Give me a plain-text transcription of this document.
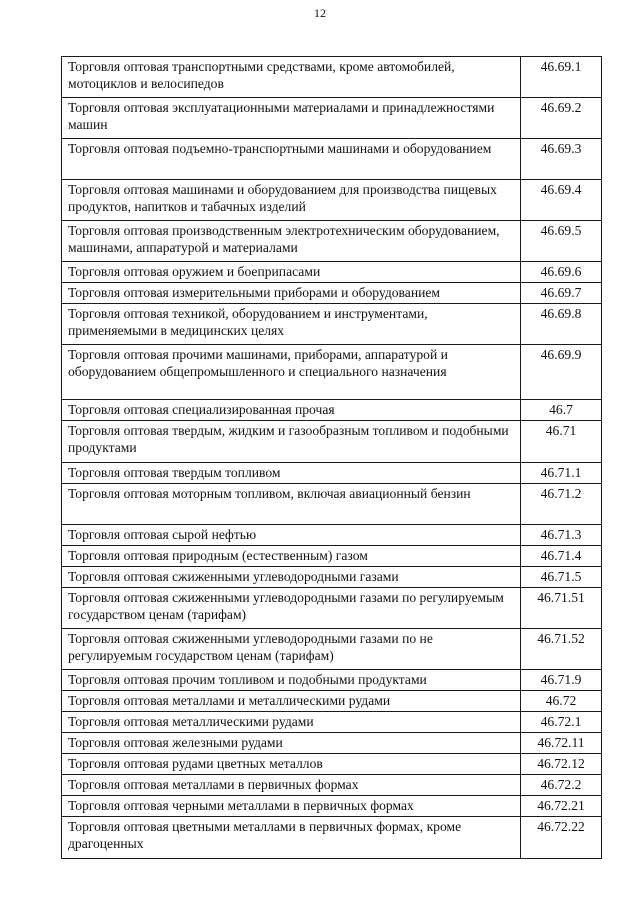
12
Торговля оптовая транспортными средствами, кроме автомобилей, мотоциклов и велосипедов	46.69.1
Торговля оптовая эксплуатационными материалами и принадлежностями машин	46.69.2
Торговля оптовая подъемно-транспортными машинами и оборудованием	46.69.3
Торговля оптовая машинами и оборудованием для производства пищевых продуктов, напитков и табачных изделий	46.69.4
Торговля оптовая производственным электротехническим оборудованием, машинами, аппаратурой и материалами	46.69.5
Торговля оптовая оружием и боеприпасами	46.69.6
Торговля оптовая измерительными приборами и оборудованием	46.69.7
Торговля оптовая техникой, оборудованием и инструментами, применяемыми в медицинских целях	46.69.8
Торговля оптовая прочими машинами, приборами, аппаратурой и оборудованием общепромышленного и специального назначения	46.69.9
Торговля оптовая специализированная прочая	46.7
Торговля оптовая твердым, жидким и газообразным топливом и подобными продуктами	46.71
Торговля оптовая твердым топливом	46.71.1
Торговля оптовая моторным топливом, включая авиационный бензин	46.71.2
Торговля оптовая сырой нефтью	46.71.3
Торговля оптовая природным (естественным) газом	46.71.4
Торговля оптовая сжиженными углеводородными газами	46.71.5
Торговля оптовая сжиженными углеводородными газами по регулируемым государством ценам (тарифам)	46.71.51
Торговля оптовая сжиженными углеводородными газами по не регулируемым государством ценам (тарифам)	46.71.52
Торговля оптовая прочим топливом и подобными продуктами	46.71.9
Торговля оптовая металлами и металлическими рудами	46.72
Торговля оптовая металлическими рудами	46.72.1
Торговля оптовая железными рудами	46.72.11
Торговля оптовая рудами цветных металлов	46.72.12
Торговля оптовая металлами в первичных формах	46.72.2
Торговля оптовая черными металлами в первичных формах	46.72.21
Торговля оптовая цветными металлами в первичных формах, кроме драгоценных	46.72.22
